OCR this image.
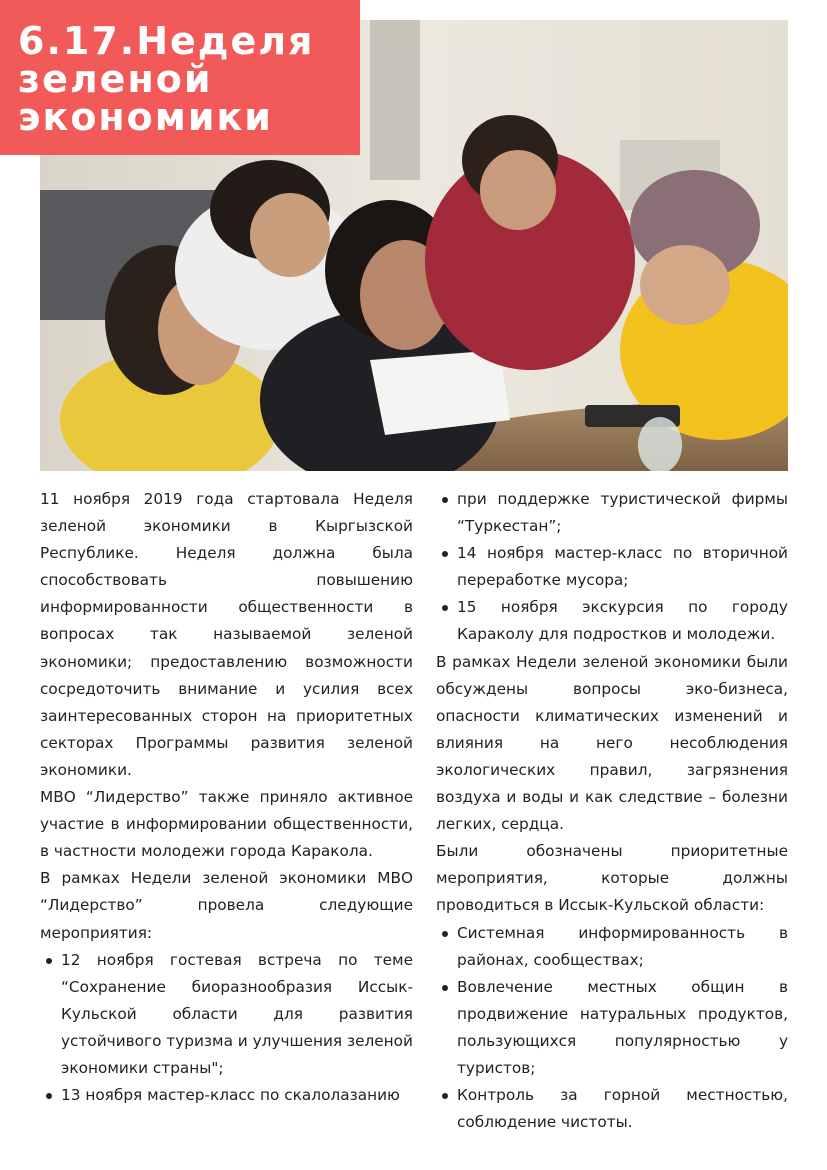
6.17.Неделя зеленой экономики

11 ноября 2019 года стартовала Неделя зеленой экономики в Кыргызской Республике. Неделя должна была способствовать повышению информированности общественности в вопросах так называемой зеленой экономики; предоставлению возможности сосредоточить внимание и усилия всех заинтересованных сторон на приоритетных секторах Программы развития зеленой экономики.

МВО “Лидерство” также приняло активное участие в информировании общественности, в частности молодежи города Каракола.

В рамках Недели зеленой экономики МВО “Лидерство” провела следующие мероприятия:

12 ноября гостевая встреча по теме “Сохранение биоразнообразия Иссык-Кульской области для развития устойчивого туризма и улучшения зеленой экономики страны";
13 ноября мастер-класс по скалолазанию
при поддержке туристической фирмы “Туркестан”;
14 ноября мастер-класс по вторичной переработке мусора;
15 ноября экскурсия по городу Караколу для подростков и молодежи.

В рамках Недели зеленой экономики были обсуждены вопросы эко-бизнеса, опасности климатических изменений и влияния на него несоблюдения экологических правил, загрязнения воздуха и воды и как следствие – болезни легких, сердца.

Были обозначены приоритетные мероприятия, которые должны проводиться в Иссык-Кульской области:

Системная информированность в районах, сообществах;
Вовлечение местных общин в продвижение натуральных продуктов, пользующихся популярностью у туристов;
Контроль за горной местностью, соблюдение чистоты.
